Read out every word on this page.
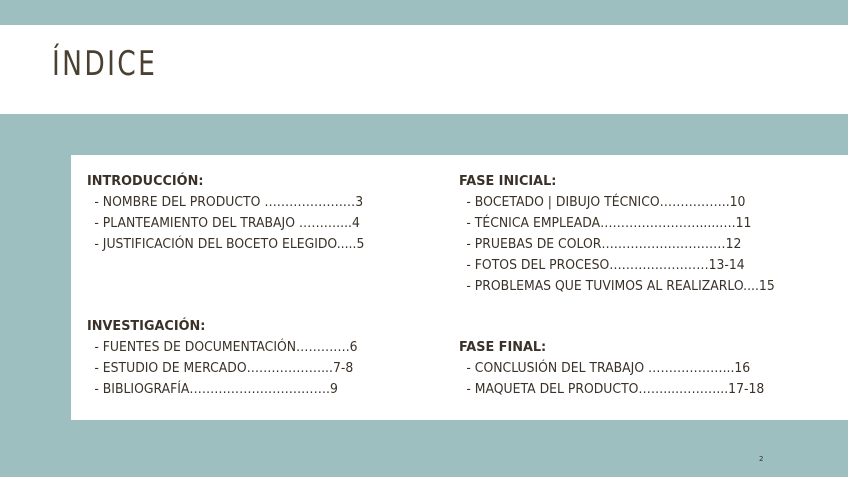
ÍNDICE
INTRODUCCIÓN:
- NOMBRE DEL PRODUCTO ……………….…3
- PLANTEAMIENTO DEL TRABAJO ………....4
- JUSTIFICACIÓN DEL BOCETO ELEGIDO.....5
INVESTIGACIÓN:
- FUENTES DE DOCUMENTACIÓN………….6
- ESTUDIO DE MERCADO………………...7-8
- BIBLIOGRAFÍA…………………………….9
FASE INICIAL:
- BOCETADO | DIBUJO TÉCNICO……………..10
- TÉCNICA EMPLEADA…………………….....….11
- PRUEBAS DE COLOR…………………………12
- FOTOS DEL PROCESO……………………13-14
- PROBLEMAS QUE TUVIMOS AL REALIZARLO....15
FASE FINAL:
- CONCLUSIÓN DEL TRABAJO ………………...16
- MAQUETA DEL PRODUCTO……....………...17-18
2
